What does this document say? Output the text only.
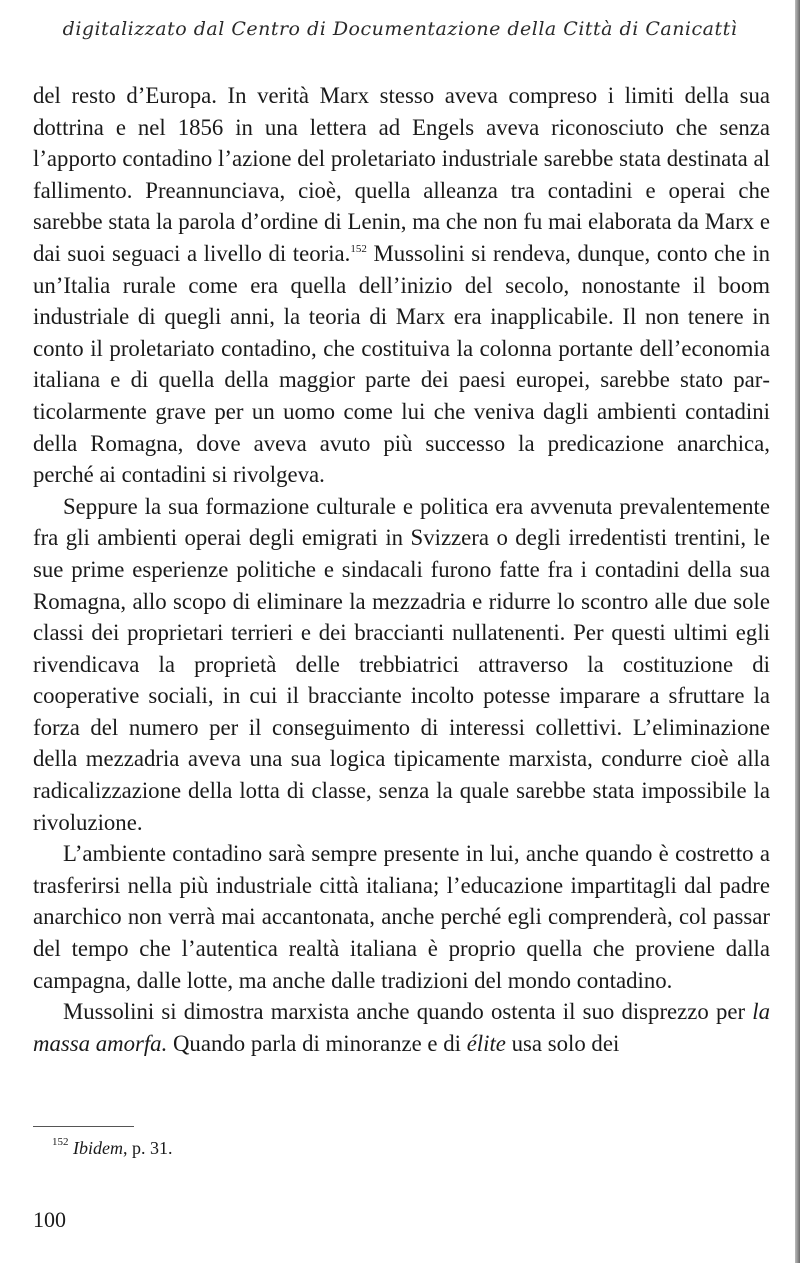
digitalizzato dal Centro di Documentazione della Città di Canicattì

del resto d’Europa. In verità Marx stesso aveva compreso i limiti della sua dottrina e nel 1856 in una lettera ad Engels aveva riconosciuto che senza l’apporto contadino l’azione del proletariato industriale sarebbe stata destinata al fallimento. Preannunciava, cioè, quella alleanza tra contadini e operai che sarebbe stata la parola d’ordine di Lenin, ma che non fu mai elaborata da Marx e dai suoi seguaci a livello di teoria.$^{152}$ Mussolini si rendeva, dunque, conto che in un’Italia rurale come era quella dell’inizio del secolo, nonostante il boom industriale di quegli anni, la teoria di Marx era inapplicabile. Il non tenere in conto il proletariato contadino, che costituiva la colonna portante dell’economia italiana e di quella della maggior parte dei paesi europei, sarebbe stato particolarmente grave per un uomo come lui che veniva dagli ambienti contadini della Romagna, dove aveva avuto più successo la predicazione anarchica, perché ai contadini si rivolgeva.

Seppure la sua formazione culturale e politica era avvenuta prevalentemente fra gli ambienti operai degli emigrati in Svizzera o degli irredentisti trentini, le sue prime esperienze politiche e sindacali furono fatte fra i contadini della sua Romagna, allo scopo di eliminare la mezzadria e ridurre lo scontro alle due sole classi dei proprietari terrieri e dei braccianti nullatenenti. Per questi ultimi egli rivendicava la proprietà delle trebbiatrici attraverso la costituzione di cooperative sociali, in cui il bracciante incolto potesse imparare a sfruttare la forza del numero per il conseguimento di interessi collettivi. L’eliminazione della mezzadria aveva una sua logica tipicamente marxista, condurre cioè alla radicalizzazione della lotta di classe, senza la quale sarebbe stata impossibile la rivoluzione.

L’ambiente contadino sarà sempre presente in lui, anche quando è costretto a trasferirsi nella più industriale città italiana; l’educazione impartitagli dal padre anarchico non verrà mai accantonata, anche perché egli comprenderà, col passar del tempo che l’autentica realtà italiana è proprio quella che proviene dalla campagna, dalle lotte, ma anche dalle tradizioni del mondo contadino.

Mussolini si dimostra marxista anche quando ostenta il suo disprezzo per la massa amorfa. Quando parla di minoranze e di élite usa solo dei

$^{152}$ Ibidem, p. 31.
100
